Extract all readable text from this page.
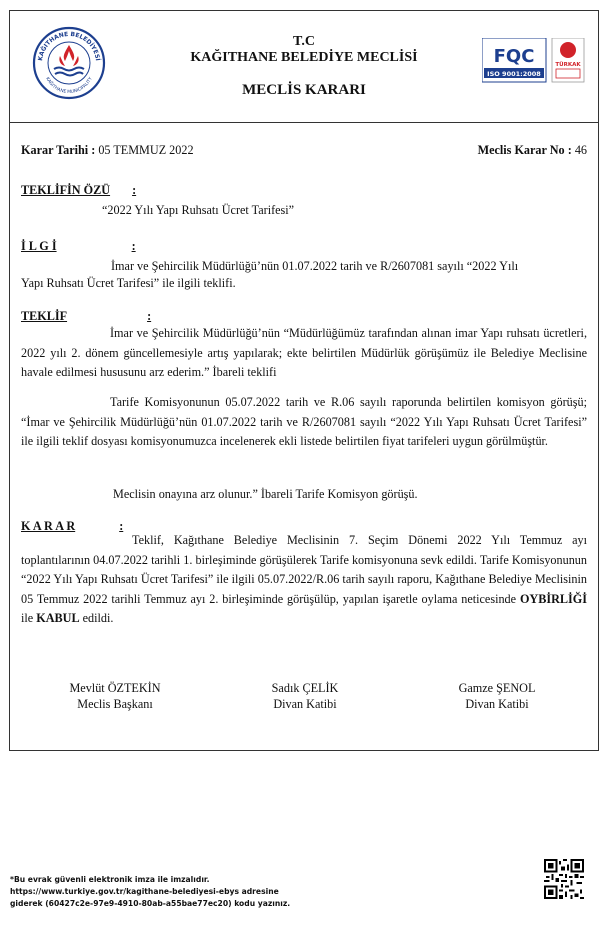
KAĞITHANE BELEDİYESİ
KAĞITHANE MUNICIPALITY
T.C
KAĞITHANE BELEDİYE MECLİSİ
MECLİS KARARI
FQC
ISO 9001:2008
TÜRKAK
Karar Tarihi : 05 TEMMUZ 2022	Meclis Karar No : 46
TEKLİFİN ÖZÜ :
“2022 Yılı Yapı Ruhsatı Ücret Tarifesi”
İ L G İ	:
İmar ve Şehircilik Müdürlüğü’nün 01.07.2022 tarih ve R/2607081 sayılı “2022 Yılı
Yapı Ruhsatı Ücret Tarifesi” ile ilgili teklifi.
TEKLİF	:
İmar ve Şehircilik Müdürlüğü’nün “Müdürlüğümüz tarafından alınan imar Yapı ruhsatı ücretleri, 2022 yılı 2. dönem güncellemesiyle artış yapılarak; ekte belirtilen Müdürlük görüşümüz ile Belediye Meclisine havale edilmesi hususunu arz ederim.” İbareli teklifi
Tarife Komisyonunun 05.07.2022 tarih ve R.06 sayılı raporunda belirtilen komisyon görüşü; “İmar ve Şehircilik Müdürlüğü’nün 01.07.2022 tarih ve R/2607081 sayılı “2022 Yılı Yapı Ruhsatı Ücret Tarifesi” ile ilgili teklif dosyası komisyonumuzca incelenerek ekli listede belirtilen fiyat tarifeleri uygun görülmüştür.
Meclisin onayına arz olunur.” İbareli Tarife Komisyon görüşü.
K A R A R	:
Teklif, Kağıthane Belediye Meclisinin 7. Seçim Dönemi 2022 Yılı Temmuz ayı toplantılarının 04.07.2022 tarihli 1. birleşiminde görüşülerek Tarife komisyonuna sevk edildi. Tarife Komisyonunun “2022 Yılı Yapı Ruhsatı Ücret Tarifesi” ile ilgili 05.07.2022/R.06 tarih sayılı raporu, Kağıthane Belediye Meclisinin 05 Temmuz 2022 tarihli Temmuz ayı 2. birleşiminde görüşülüp, yapılan işaretle oylama neticesinde OYBİRLİĞİ ile KABUL edildi.
Mevlüt ÖZTEKİN
Meclis Başkanı
Sadık ÇELİK
Divan Katibi
Gamze ŞENOL
Divan Katibi
*Bu evrak güvenli elektronik imza ile imzalıdır.
https://www.turkiye.gov.tr/kagithane-belediyesi-ebys adresine
giderek (60427c2e-97e9-4910-80ab-a55bae77ec20) kodu yazınız.
